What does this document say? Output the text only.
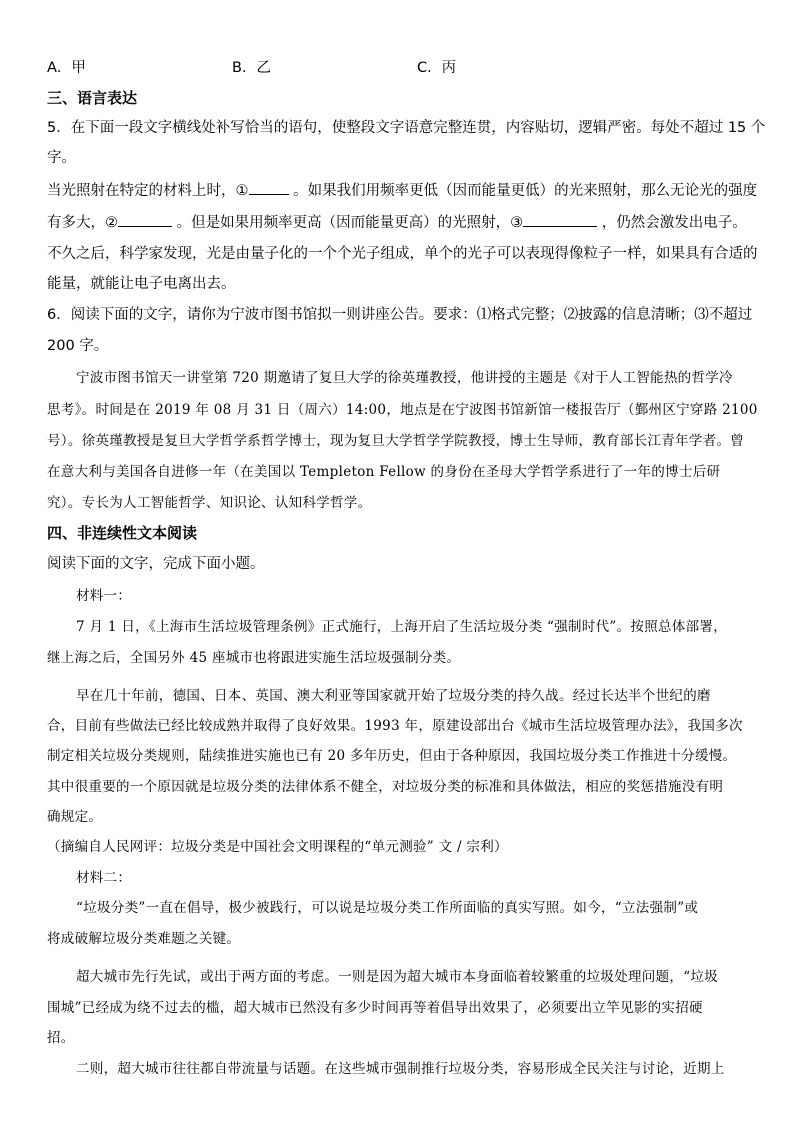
A．甲	B．乙	C．丙
三、语言表达
5．在下面一段文字横线处补写恰当的语句，使整段文字语意完整连贯，内容贴切，逻辑严密。每处不超过 15 个
字。
当光照射在特定的材料上时，①	。如果我们用频率更低（因而能量更低）的光来照射，那么无论光的强度
有多大，②	。但是如果用频率更高（因而能量更高）的光照射，③	，仍然会激发出电子。
不久之后，科学家发现，光是由量子化的一个个光子组成，单个的光子可以表现得像粒子一样，如果具有合适的
能量，就能让电子电离出去。
6．阅读下面的文字，请你为宁波市图书馆拟一则讲座公告。要求：⑴格式完整；⑵披露的信息清晰；⑶不超过
200 字。
宁波市图书馆天一讲堂第 720 期邀请了复旦大学的徐英瑾教授，他讲授的主题是《对于人工智能热的哲学冷
思考》。时间是在 2019 年 08 月 31 日（周六）14:00，地点是在宁波图书馆新馆一楼报告厅（鄞州区宁穿路 2100
号）。徐英瑾教授是复旦大学哲学系哲学博士，现为复旦大学哲学学院教授，博士生导师，教育部长江青年学者。曾
在意大利与美国各自进修一年（在美国以 Templeton Fellow 的身份在圣母大学哲学系进行了一年的博士后研
究）。专长为人工智能哲学、知识论、认知科学哲学。
四、非连续性文本阅读
阅读下面的文字，完成下面小题。
材料一：
7 月 1 日，《上海市生活垃圾管理条例》正式施行，上海开启了生活垃圾分类 “强制时代”。按照总体部署，
继上海之后，全国另外 45 座城市也将跟进实施生活垃圾强制分类。
早在几十年前，德国、日本、英国、澳大利亚等国家就开始了垃圾分类的持久战。经过长达半个世纪的磨
合，目前有些做法已经比较成熟并取得了良好效果。1993 年，原建设部出台《城市生活垃圾管理办法》，我国多次
制定相关垃圾分类规则，陆续推进实施也已有 20 多年历史，但由于各种原因，我国垃圾分类工作推进十分缓慢。
其中很重要的一个原因就是垃圾分类的法律体系不健全，对垃圾分类的标准和具体做法，相应的奖惩措施没有明
确规定。
（摘编自人民网评：垃圾分类是中国社会文明课程的“单元测验” 文 / 宗利）
材料二：
“垃圾分类”一直在倡导，极少被践行，可以说是垃圾分类工作所面临的真实写照。如今，“立法强制”或
将成破解垃圾分类难题之关键。
超大城市先行先试，或出于两方面的考虑。一则是因为超大城市本身面临着较繁重的垃圾处理问题，“垃圾
围城”已经成为绕不过去的槛，超大城市已然没有多少时间再等着倡导出效果了，必须要出立竿见影的实招硬
招。
二则，超大城市往往都自带流量与话题。在这些城市强制推行垃圾分类，容易形成全民关注与讨论，近期上
